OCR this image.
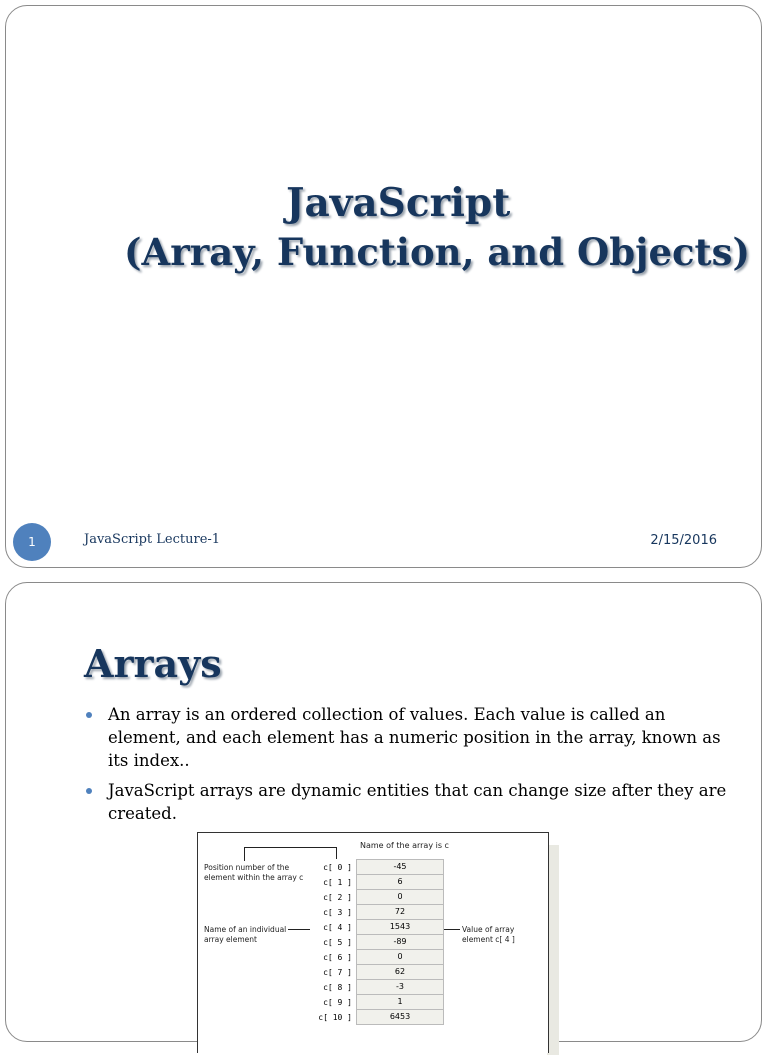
JavaScript
(Array, Function, and Objects)
1	JavaScript Lecture-1	2/15/2016
Arrays
An array is an ordered collection of values. Each value is called an element, and each element has a numeric position in the array, known as its index..
JavaScript arrays are dynamic entities that can change size after they are created.
Name of the array is c
Position number of the element within the array c
Name of an individual array element
Value of array element c[ 4 ]
c[ 0 ]
c[ 1 ]
c[ 2 ]
c[ 3 ]
c[ 4 ]
c[ 5 ]
c[ 6 ]
c[ 7 ]
c[ 8 ]
c[ 9 ]
c[ 10 ]
-45
6
0
72
1543
-89
0
62
-3
1
6453
